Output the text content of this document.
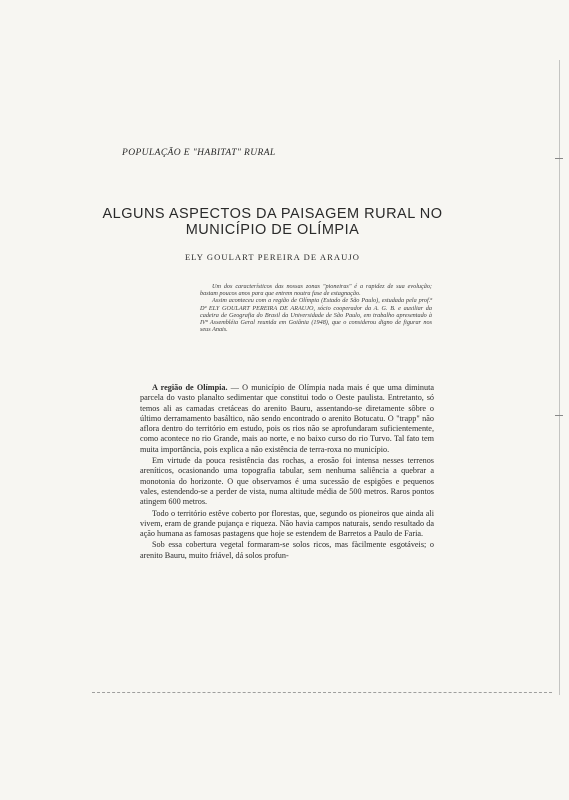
POPULAÇÃO E "HABITAT" RURAL
ALGUNS ASPECTOS DA PAISAGEM RURAL NO
MUNICÍPIO DE OLÍMPIA
ELY GOULART PEREIRA DE ARAUJO

Um dos característicos das nossas zonas "pioneiras" é a rapidez de sua evolução; bastam poucos anos para que entrem noutra fase de estagnação.

Assim aconteceu com a região de Olímpia (Estado de São Paulo), estudada pela prof.ª Dª ELY GOULART PEREIRA DE ARAUJO, sócio cooperador da A. G. B. e auxiliar da cadeira de Geografia do Brasil da Universidade de São Paulo, em trabalho apresentado à IVª Assembléia Geral reunida em Goiânia (1948), que o considerou digno de figurar nos seus Anais.

A região de Olímpia. — O município de Olímpia nada mais é que uma diminuta parcela do vasto planalto sedimentar que constitui todo o Oeste paulista. Entretanto, só temos ali as camadas cretáceas do arenito Bauru, assentando-se diretamente sôbre o último derramamento basáltico, não sendo encontrado o arenito Botucatu. O "trapp" não aflora dentro do território em estudo, pois os rios não se aprofundaram suficientemente, como acontece no rio Grande, mais ao norte, e no baixo curso do rio Turvo. Tal fato tem muita importância, pois explica a não existência de terra-roxa no município.

Em virtude da pouca resistência das rochas, a erosão foi intensa nesses terrenos areníticos, ocasionando uma topografia tabular, sem nenhuma saliência a quebrar a monotonia do horizonte. O que observamos é uma sucessão de espigões e pequenos vales, estendendo-se a perder de vista, numa altitude média de 500 metros. Raros pontos atingem 600 metros.

Todo o território estêve coberto por florestas, que, segundo os pioneiros que ainda ali vivem, eram de grande pujança e riqueza. Não havia campos naturais, sendo resultado da ação humana as famosas pastagens que hoje se estendem de Barretos a Paulo de Faria.

Sob essa cobertura vegetal formaram-se solos ricos, mas fàcilmente esgotáveis; o arenito Bauru, muito friável, dá solos profun-
